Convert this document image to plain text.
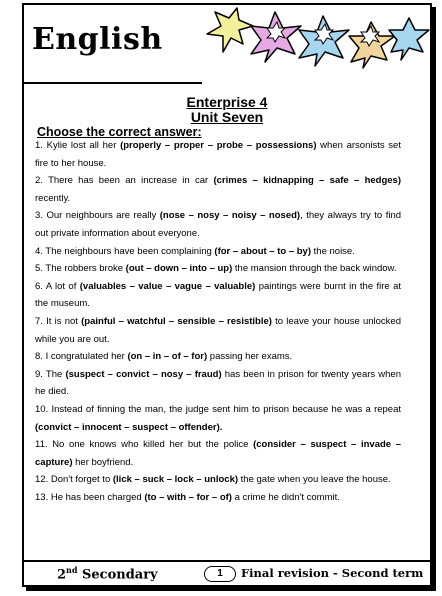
English
Enterprise 4
Unit Seven
Choose the correct answer:
1. Kylie lost all her (properly – proper – probe – possessions) when arsonists set fire to her house.
2. There has been an increase in car (crimes – kidnapping – safe – hedges) recently.
3. Our neighbours are really (nose – nosy – noisy – nosed), they always try to find out private information about everyone.
4. The neighbours have been complaining (for – about – to – by) the noise.
5. The robbers broke (out – down – into – up) the mansion through the back window.
6. A lot of (valuables – value – vague – valuable) paintings were burnt in the fire at the museum.
7. It is not (painful – watchful – sensible – resistible) to leave your house unlocked while you are out.
8. I congratulated her (on – in – of – for) passing her exams.
9. The (suspect – convict – nosy – fraud) has been in prison for twenty years when he died.
10. Instead of finning the man, the judge sent him to prison because he was a repeat (convict – innocent – suspect – offender).
11. No one knows who killed her but the police (consider – suspect – invade – capture) her boyfriend.
12. Don't forget to (lick – suck – lock – unlock) the gate when you leave the house.
13. He has been charged (to – with – for – of) a crime he didn't commit.
2nd Secondary	1	Final revision - Second term
